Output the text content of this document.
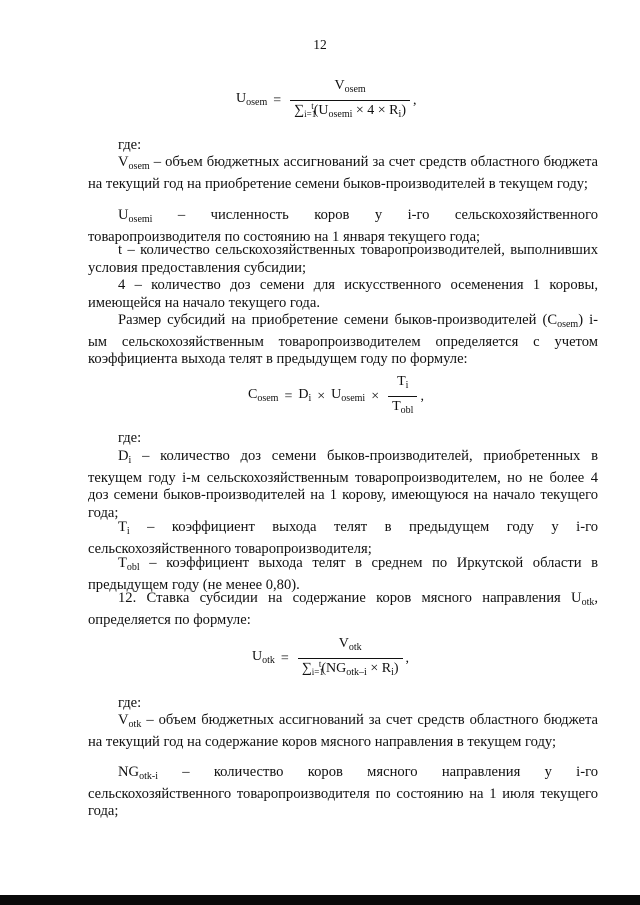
12
$U_{osem} = \frac{V_{osem}}{\sum_{i=1}^t(U_{osemi} \times 4 \times R_i)}$ ,

где:

$V_{osem}$ – объем бюджетных ассигнований за счет средств областного бюджета на текущий год на приобретение семени быков-производителей в текущем году;

$U_{osemi}$ – численность коров у i-го сельскохозяйственного товаропроизводителя по состоянию на 1 января текущего года;

t – количество сельскохозяйственных товаропроизводителей, выполнивших условия предоставления субсидии;

4 – количество доз семени для искусственного осеменения 1 коровы, имеющейся на начало текущего года.

Размер субсидий на приобретение семени быков-производителей $(C_{osem})$ i-ым сельскохозяйственным товаропроизводителем определяется с учетом коэффициента выхода телят в предыдущем году по формуле:

$C_{osem} = D_i \times U_{osemi} \times \frac{T_i}{T_{obl}}$ ,

где:

$D_i$ – количество доз семени быков-производителей, приобретенных в текущем году i-м сельскохозяйственным товаропроизводителем, но не более 4 доз семени быков-производителей на 1 корову, имеющуюся на начало текущего года;

$T_i$ – коэффициент выхода телят в предыдущем году у i-го сельскохозяйственного товаропроизводителя;

$T_{obl}$ – коэффициент выхода телят в среднем по Иркутской области в предыдущем году (не менее 0,80).

12. Ставка субсидии на содержание коров мясного направления $U_{otk}$, определяется по формуле:

$U_{otk} = \frac{V_{otk}}{\sum_{i=1}^t(NG_{otk-i} \times R_i)}$ ,

где:

$V_{otk}$ – объем бюджетных ассигнований за счет средств областного бюджета на текущий год на содержание коров мясного направления в текущем году;

$NG_{otk-i}$ – количество коров мясного направления у i-го сельскохозяйственного товаропроизводителя по состоянию на 1 июля текущего года;
